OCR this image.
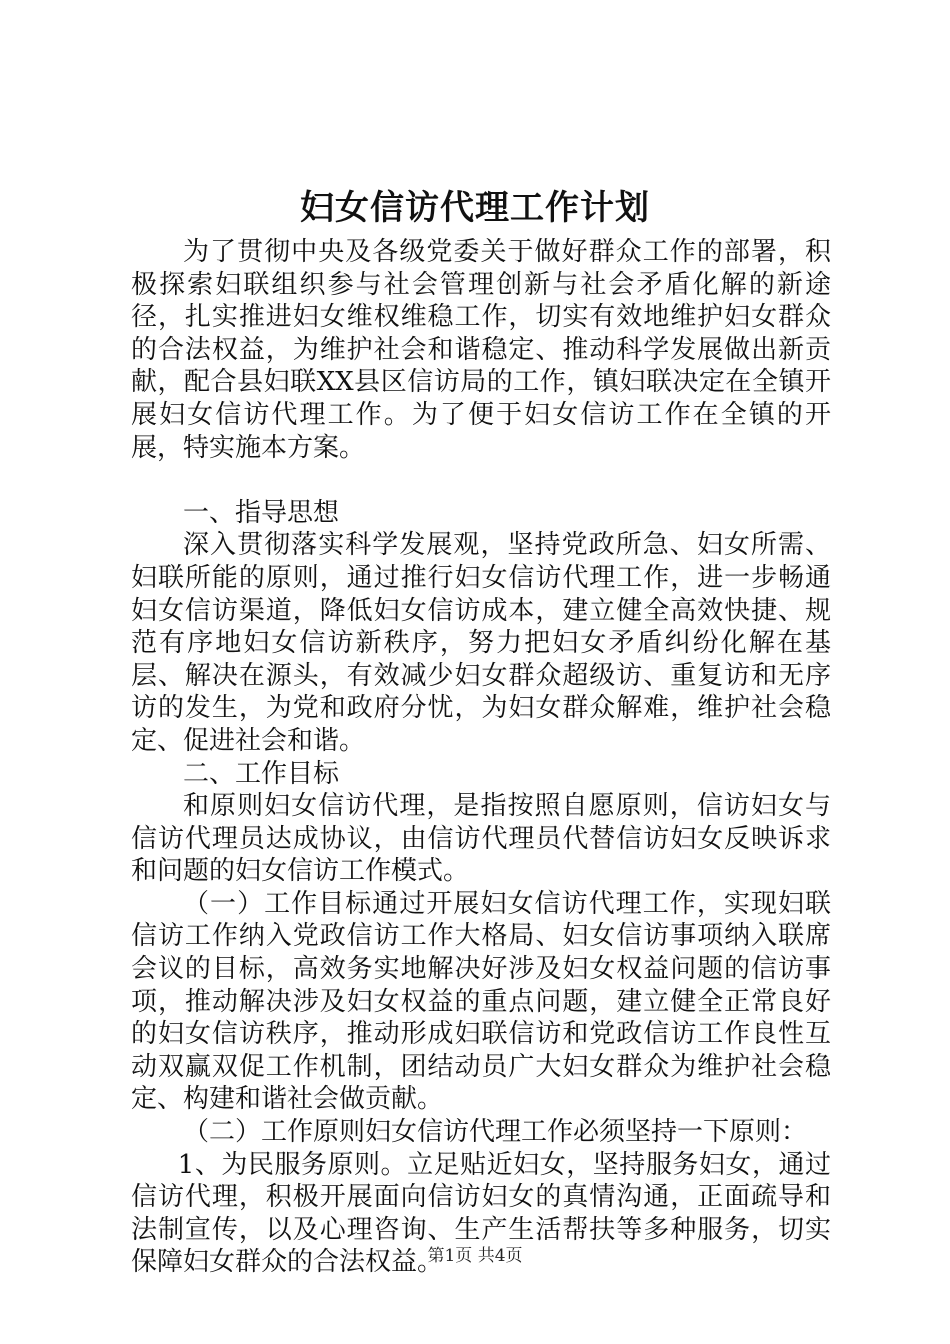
妇女信访代理工作计划

为了贯彻中央及各级党委关于做好群众工作的部署，积极探索妇联组织参与社会管理创新与社会矛盾化解的新途径，扎实推进妇女维权维稳工作，切实有效地维护妇女群众的合法权益，为维护社会和谐稳定、推动科学发展做出新贡献，配合县妇联XX县区信访局的工作，镇妇联决定在全镇开展妇女信访代理工作。为了便于妇女信访工作在全镇的开展，特实施本方案。

一、指导思想

深入贯彻落实科学发展观，坚持党政所急、妇女所需、妇联所能的原则，通过推行妇女信访代理工作，进一步畅通妇女信访渠道，降低妇女信访成本，建立健全高效快捷、规范有序地妇女信访新秩序，努力把妇女矛盾纠纷化解在基层、解决在源头，有效减少妇女群众超级访、重复访和无序访的发生，为党和政府分忧，为妇女群众解难，维护社会稳定、促进社会和谐。

二、工作目标

和原则妇女信访代理，是指按照自愿原则，信访妇女与信访代理员达成协议，由信访代理员代替信访妇女反映诉求和问题的妇女信访工作模式。

（一）工作目标通过开展妇女信访代理工作，实现妇联信访工作纳入党政信访工作大格局、妇女信访事项纳入联席会议的目标，高效务实地解决好涉及妇女权益问题的信访事项，推动解决涉及妇女权益的重点问题，建立健全正常良好的妇女信访秩序，推动形成妇联信访和党政信访工作良性互动双赢双促工作机制，团结动员广大妇女群众为维护社会稳定、构建和谐社会做贡献。

（二）工作原则妇女信访代理工作必须坚持一下原则：

1、为民服务原则。立足贴近妇女，坚持服务妇女，通过信访代理，积极开展面向信访妇女的真情沟通，正面疏导和法制宣传，以及心理咨询、生产生活帮扶等多种服务，切实保障妇女群众的合法权益。

第1页 共4页
